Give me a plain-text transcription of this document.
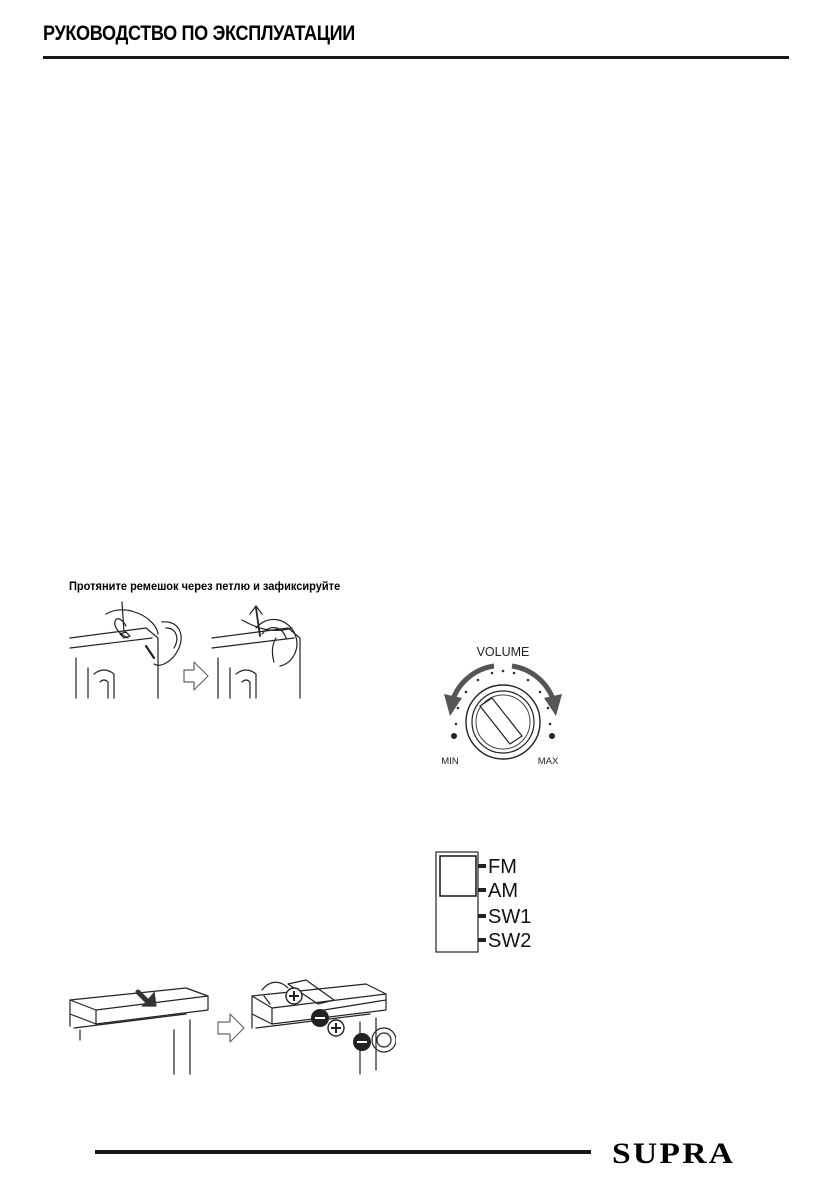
РУКОВОДСТВО ПО ЭКСПЛУАТАЦИИ
Протяните ремешок через петлю и зафиксируйте
VOLUME
MIN	MAX
FM
AM
SW1
SW2
SUPRA
